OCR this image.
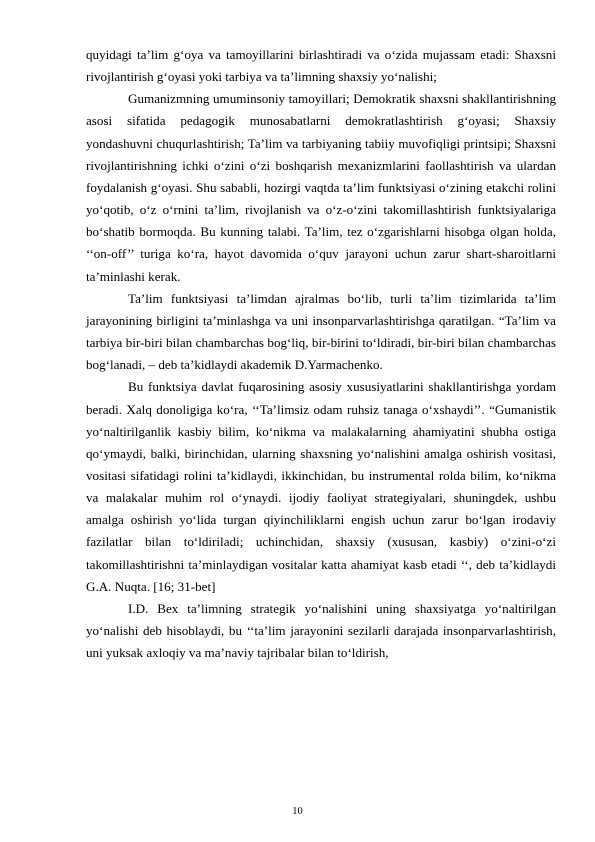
quyidagi ta’lim g‘oya va tamoyillarini birlashtiradi va o‘zida mujassam etadi: Shaxsni rivojlantirish g‘oyasi yoki tarbiya va ta’limning shaxsiy yo‘nalishi;

Gumanizmning umuminsoniy tamoyillari; Demokratik shaxsni shakllantirishning asosi sifatida pedagogik munosabatlarni demokratlashtirish g‘oyasi; Shaxsiy yondashuvni chuqurlashtirish; Ta’lim va tarbiyaning tabiiy muvofiqligi printsipi; Shaxsni rivojlantirishning ichki o‘zini o‘zi boshqarish mexanizmlarini faollashtirish va ulardan foydalanish g‘oyasi. Shu sababli, hozirgi vaqtda ta’lim funktsiyasi o‘zining etakchi rolini yo‘qotib, o‘z o‘rnini ta’lim, rivojlanish va o‘z-o‘zini takomillashtirish funktsiyalariga bo‘shatib bormoqda. Bu kunning talabi. Ta’lim, tez o‘zgarishlarni hisobga olgan holda, ‘‘on-off’’ turiga ko‘ra, hayot davomida o‘quv jarayoni uchun zarur shart-sharoitlarni ta’minlashi kerak.

Ta’lim funktsiyasi ta’limdan ajralmas bo‘lib, turli ta’lim tizimlarida ta’lim jarayonining birligini ta’minlashga va uni insonparvarlashtirishga qaratilgan. “Ta’lim va tarbiya bir-biri bilan chambarchas bog‘liq, bir-birini to‘ldiradi, bir-biri bilan chambarchas bog‘lanadi, – deb ta’kidlaydi akademik D.Yarmachenko.

Bu funktsiya davlat fuqarosining asosiy xususiyatlarini shakllantirishga yordam beradi. Xalq donoligiga ko‘ra, ‘‘Ta’limsiz odam ruhsiz tanaga o‘xshaydi’’. “Gumanistik yo‘naltirilganlik kasbiy bilim, ko‘nikma va malakalarning ahamiyatini shubha ostiga qo‘ymaydi, balki, birinchidan, ularning shaxsning yo‘nalishini amalga oshirish vositasi, vositasi sifatidagi rolini ta’kidlaydi, ikkinchidan, bu instrumental rolda bilim, ko‘nikma va malakalar muhim rol o‘ynaydi. ijodiy faoliyat strategiyalari, shuningdek, ushbu amalga oshirish yo‘lida turgan qiyinchiliklarni engish uchun zarur bo‘lgan irodaviy fazilatlar bilan to‘ldiriladi; uchinchidan, shaxsiy (xususan, kasbiy) o‘zini-o‘zi takomillashtirishni ta’minlaydigan vositalar katta ahamiyat kasb etadi ‘‘, deb ta’kidlaydi G.A. Nuqta. [16; 31-bet]

I.D. Bex ta’limning strategik yo‘nalishini uning shaxsiyatga yo‘naltirilgan yo‘nalishi deb hisoblaydi, bu ‘‘ta’lim jarayonini sezilarli darajada insonparvarlashtirish, uni yuksak axloqiy va ma’naviy tajribalar bilan to‘ldirish,

10
